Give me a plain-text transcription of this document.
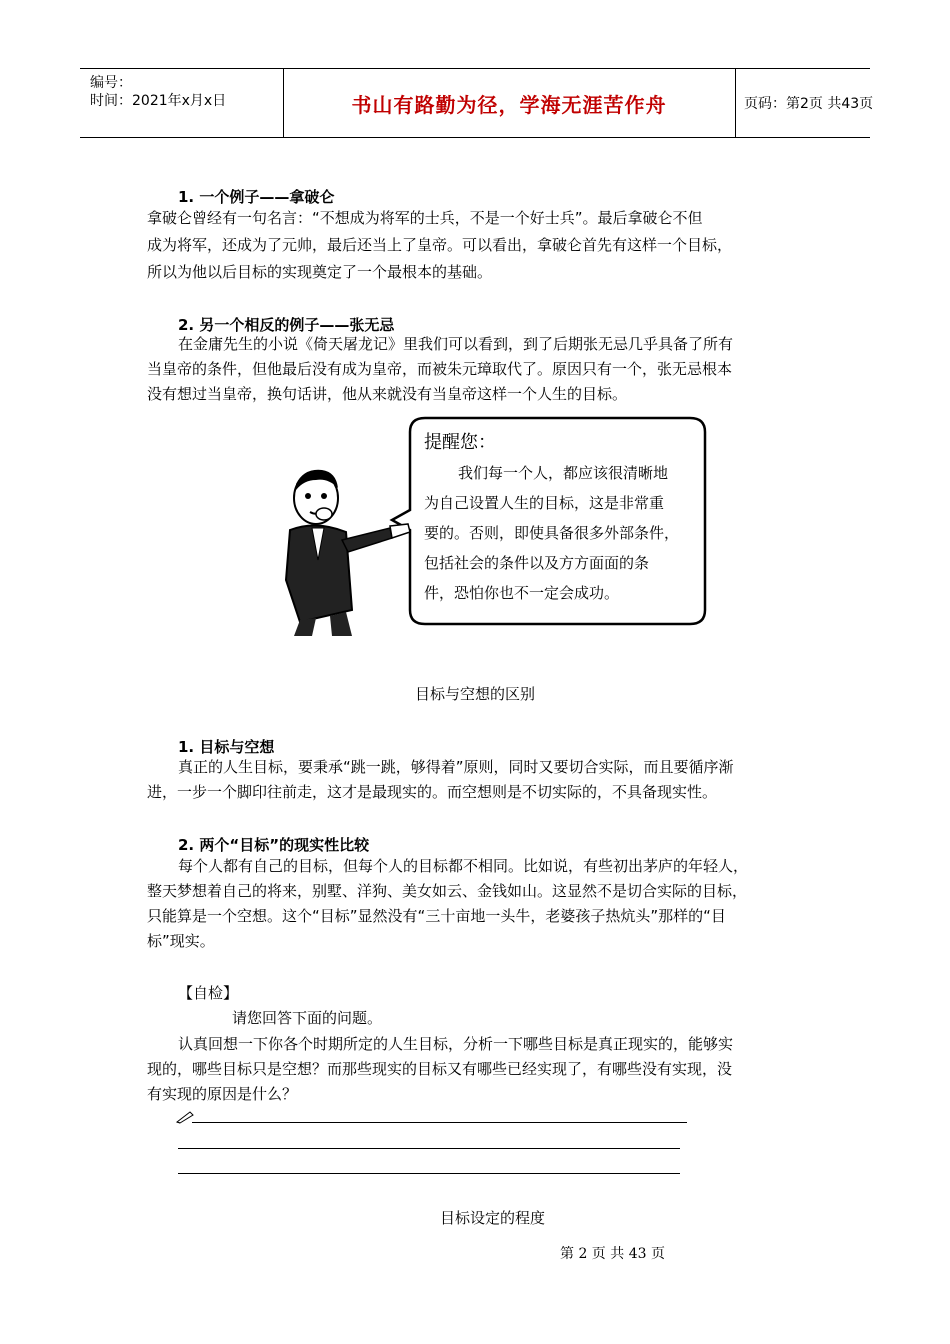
编号：
时间：2021年x月x日	书山有路勤为径，学海无涯苦作舟	页码：第2页 共43页
1. 一个例子——拿破仑
拿破仑曾经有一句名言：“不想成为将军的士兵，不是一个好士兵”。最后拿破仑不但
成为将军，还成为了元帅，最后还当上了皇帝。可以看出，拿破仑首先有这样一个目标，
所以为他以后目标的实现奠定了一个最根本的基础。
2. 另一个相反的例子——张无忌
在金庸先生的小说《倚天屠龙记》里我们可以看到，到了后期张无忌几乎具备了所有
当皇帝的条件，但他最后没有成为皇帝，而被朱元璋取代了。原因只有一个，张无忌根本
没有想过当皇帝，换句话讲，他从来就没有当皇帝这样一个人生的目标。
提醒您：
我们每一个人，都应该很清晰地
为自己设置人生的目标，这是非常重
要的。否则，即使具备很多外部条件，
包括社会的条件以及方方面面的条
件，恐怕你也不一定会成功。
目标与空想的区别
1. 目标与空想
真正的人生目标，要秉承“跳一跳，够得着”原则，同时又要切合实际，而且要循序渐
进，一步一个脚印往前走，这才是最现实的。而空想则是不切实际的，不具备现实性。
2. 两个“目标”的现实性比较
每个人都有自己的目标，但每个人的目标都不相同。比如说，有些初出茅庐的年轻人，
整天梦想着自己的将来，别墅、洋狗、美女如云、金钱如山。这显然不是切合实际的目标，
只能算是一个空想。这个“目标”显然没有“三十亩地一头牛，老婆孩子热炕头”那样的“目
标”现实。
【自检】
请您回答下面的问题。
认真回想一下你各个时期所定的人生目标，分析一下哪些目标是真正现实的，能够实
现的，哪些目标只是空想？而那些现实的目标又有哪些已经实现了，有哪些没有实现，没
有实现的原因是什么？
目标设定的程度
第 2 页 共 43 页
